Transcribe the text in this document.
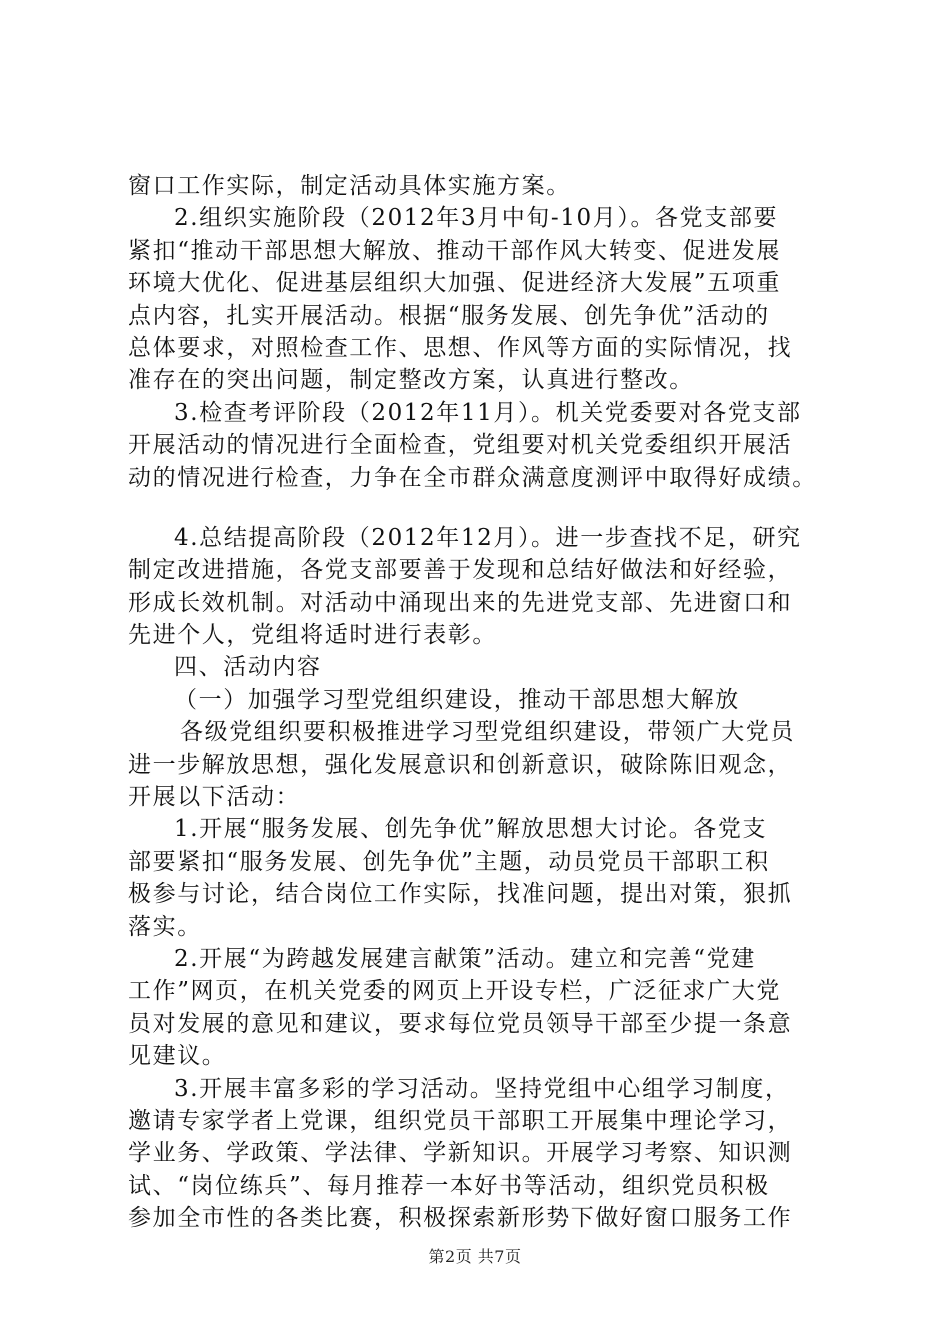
窗口工作实际，制定活动具体实施方案。
2.组织实施阶段（2012年3月中旬-10月）。各党支部要
紧扣“推动干部思想大解放、推动干部作风大转变、促进发展
环境大优化、促进基层组织大加强、促进经济大发展”五项重
点内容，扎实开展活动。根据“服务发展、创先争优”活动的
总体要求，对照检查工作、思想、作风等方面的实际情况，找
准存在的突出问题，制定整改方案，认真进行整改。
3.检查考评阶段（2012年11月）。机关党委要对各党支部
开展活动的情况进行全面检查，党组要对机关党委组织开展活
动的情况进行检查，力争在全市群众满意度测评中取得好成绩。
4.总结提高阶段（2012年12月）。进一步查找不足，研究
制定改进措施，各党支部要善于发现和总结好做法和好经验，
形成长效机制。对活动中涌现出来的先进党支部、先进窗口和
先进个人，党组将适时进行表彰。
四、活动内容
（一）加强学习型党组织建设，推动干部思想大解放
各级党组织要积极推进学习型党组织建设，带领广大党员
进一步解放思想，强化发展意识和创新意识，破除陈旧观念，
开展以下活动：
1.开展“服务发展、创先争优”解放思想大讨论。各党支
部要紧扣“服务发展、创先争优”主题，动员党员干部职工积
极参与讨论，结合岗位工作实际，找准问题，提出对策，狠抓
落实。
2.开展“为跨越发展建言献策”活动。建立和完善“党建
工作”网页，在机关党委的网页上开设专栏，广泛征求广大党
员对发展的意见和建议，要求每位党员领导干部至少提一条意
见建议。
3.开展丰富多彩的学习活动。坚持党组中心组学习制度，
邀请专家学者上党课，组织党员干部职工开展集中理论学习，
学业务、学政策、学法律、学新知识。开展学习考察、知识测
试、“岗位练兵”、每月推荐一本好书等活动，组织党员积极
参加全市性的各类比赛，积极探索新形势下做好窗口服务工作
第2页 共7页
